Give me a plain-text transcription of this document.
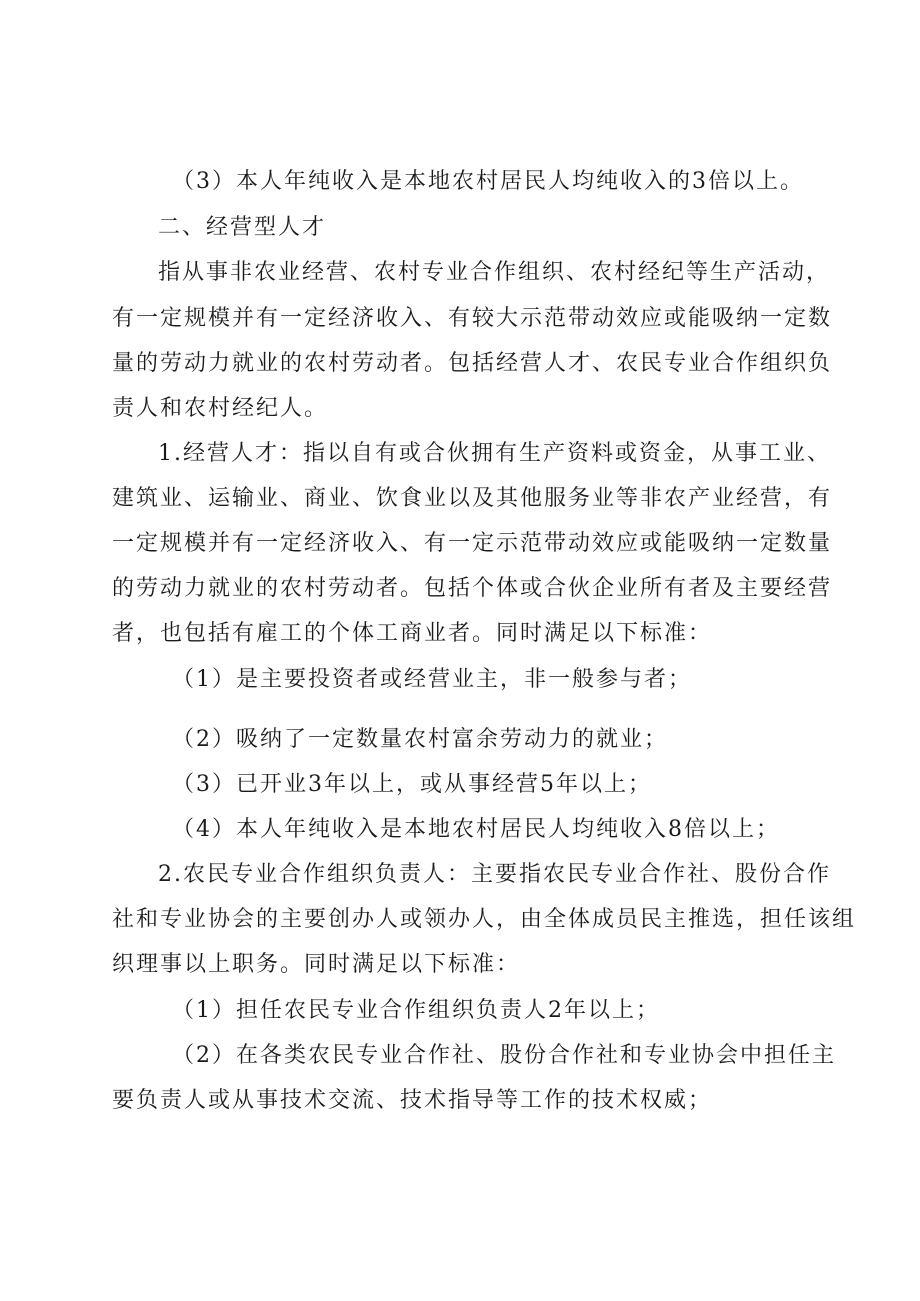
（3）本人年纯收入是本地农村居民人均纯收入的3倍以上。
二、经营型人才
指从事非农业经营、农村专业合作组织、农村经纪等生产活动，
有一定规模并有一定经济收入、有较大示范带动效应或能吸纳一定数
量的劳动力就业的农村劳动者。包括经营人才、农民专业合作组织负
责人和农村经纪人。
1.经营人才：指以自有或合伙拥有生产资料或资金，从事工业、
建筑业、运输业、商业、饮食业以及其他服务业等非农产业经营，有
一定规模并有一定经济收入、有一定示范带动效应或能吸纳一定数量
的劳动力就业的农村劳动者。包括个体或合伙企业所有者及主要经营
者，也包括有雇工的个体工商业者。同时满足以下标准：
（1）是主要投资者或经营业主，非一般参与者；
（2）吸纳了一定数量农村富余劳动力的就业；
（3）已开业3年以上，或从事经营5年以上；
（4）本人年纯收入是本地农村居民人均纯收入8倍以上；
2.农民专业合作组织负责人：主要指农民专业合作社、股份合作
社和专业协会的主要创办人或领办人，由全体成员民主推选，担任该组
织理事以上职务。同时满足以下标准：
（1）担任农民专业合作组织负责人2年以上；
（2）在各类农民专业合作社、股份合作社和专业协会中担任主
要负责人或从事技术交流、技术指导等工作的技术权威；
